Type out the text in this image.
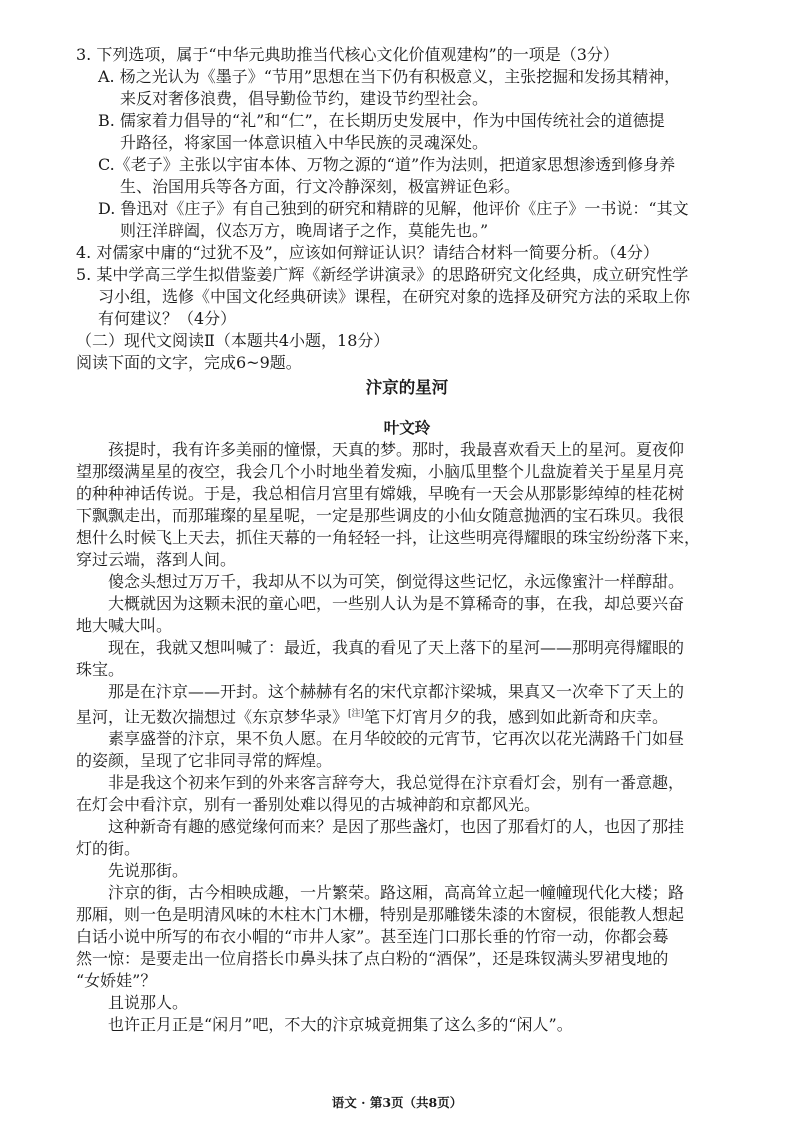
3. 下列选项，属于“中华元典助推当代核心文化价值观建构”的一项是（3分）

A. 杨之光认为《墨子》“节用”思想在当下仍有积极意义，主张挖掘和发扬其精神，

来反对奢侈浪费，倡导勤俭节约，建设节约型社会。

B. 儒家着力倡导的“礼”和“仁”，在长期历史发展中，作为中国传统社会的道德提

升路径，将家国一体意识植入中华民族的灵魂深处。

C.《老子》主张以宇宙本体、万物之源的“道”作为法则，把道家思想渗透到修身养

生、治国用兵等各方面，行文冷静深刻，极富辨证色彩。

D. 鲁迅对《庄子》有自己独到的研究和精辟的见解，他评价《庄子》一书说：“其文

则汪洋辟阖，仪态万方，晚周诸子之作，莫能先也。”

4. 对儒家中庸的“过犹不及”，应该如何辩证认识？请结合材料一简要分析。（4分）

5. 某中学高三学生拟借鉴姜广辉《新经学讲演录》的思路研究文化经典，成立研究性学

习小组，选修《中国文化经典研读》课程，在研究对象的选择及研究方法的采取上你

有何建议？（4分）

（二）现代文阅读Ⅱ（本题共4小题，18分）

阅读下面的文字，完成6~9题。

汴京的星河

叶文玲

孩提时，我有许多美丽的憧憬，天真的梦。那时，我最喜欢看天上的星河。夏夜仰

望那缀满星星的夜空，我会几个小时地坐着发痴，小脑瓜里整个儿盘旋着关于星星月亮

的种种神话传说。于是，我总相信月宫里有嫦娥，早晚有一天会从那影影绰绰的桂花树

下飘飘走出，而那璀璨的星星呢，一定是那些调皮的小仙女随意抛洒的宝石珠贝。我很

想什么时候飞上天去，抓住天幕的一角轻轻一抖，让这些明亮得耀眼的珠宝纷纷落下来，

穿过云端，落到人间。

傻念头想过万万千，我却从不以为可笑，倒觉得这些记忆，永远像蜜汁一样醇甜。

大概就因为这颗未泯的童心吧，一些别人认为是不算稀奇的事，在我，却总要兴奋

地大喊大叫。

现在，我就又想叫喊了：最近，我真的看见了天上落下的星河——那明亮得耀眼的

珠宝。

那是在汴京——开封。这个赫赫有名的宋代京都汴梁城，果真又一次牵下了天上的

星河，让无数次揣想过《东京梦华录》[注]笔下灯宵月夕的我，感到如此新奇和庆幸。

素享盛誉的汴京，果不负人愿。在月华皎皎的元宵节，它再次以花光满路千门如昼

的姿颜，呈现了它非同寻常的辉煌。

非是我这个初来乍到的外来客言辞夸大，我总觉得在汴京看灯会，别有一番意趣，

在灯会中看汴京，别有一番别处难以得见的古城神韵和京都风光。

这种新奇有趣的感觉缘何而来？是因了那些盏灯，也因了那看灯的人，也因了那挂

灯的街。

先说那街。

汴京的街，古今相映成趣，一片繁荣。路这厢，高高耸立起一幢幢现代化大楼；路

那厢，则一色是明清风味的木柱木门木栅，特别是那雕镂朱漆的木窗棂，很能教人想起

白话小说中所写的布衣小帽的“市井人家”。甚至连门口那长垂的竹帘一动，你都会蓦

然一惊：是要走出一位肩搭长巾鼻头抹了点白粉的“酒保”，还是珠钗满头罗裙曳地的

“女娇娃”？

且说那人。

也许正月正是“闲月”吧，不大的汴京城竟拥集了这么多的“闲人”。

语文 · 第3页（共8页）
